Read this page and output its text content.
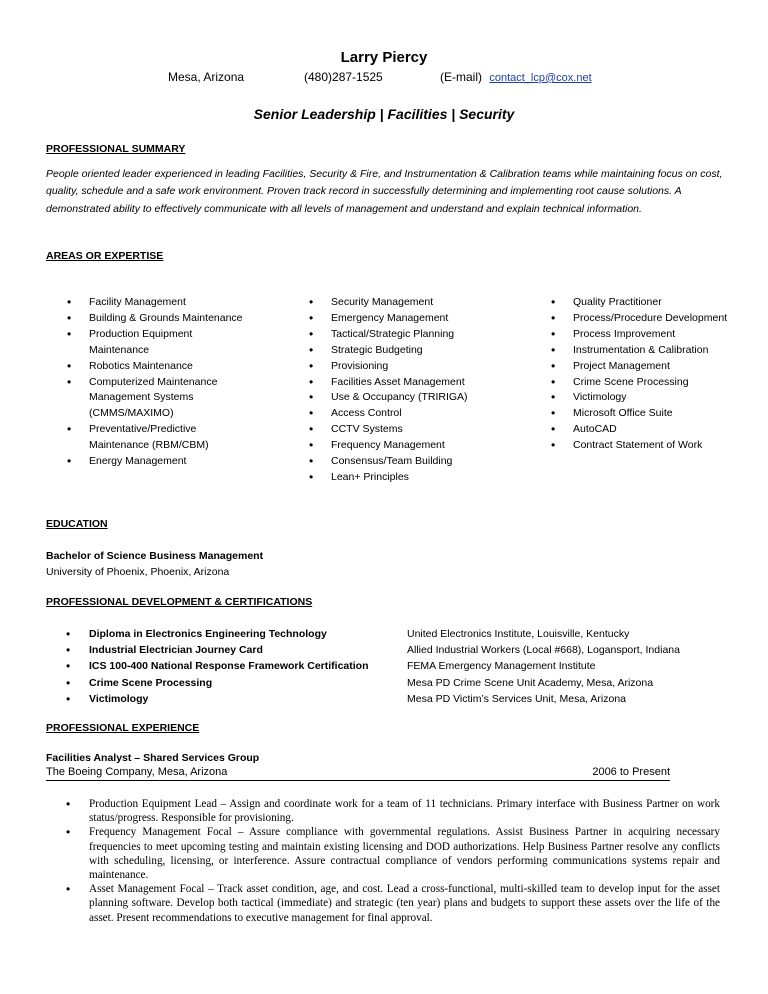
Larry Piercy
Mesa, Arizona	(480)287-1525	(E-mail) contact_lcp@cox.net
Senior Leadership | Facilities | Security
PROFESSIONAL SUMMARY
People oriented leader experienced in leading Facilities, Security & Fire, and Instrumentation & Calibration teams while maintaining focus on cost, quality, schedule and a safe work environment. Proven track record in successfully determining and implementing root cause solutions. A demonstrated ability to effectively communicate with all levels of management and understand and explain technical information.
AREAS OR EXPERTISE
• Facility Management
• Building & Grounds Maintenance
• Production Equipment Maintenance
• Robotics Maintenance
• Computerized Maintenance Management Systems (CMMS/MAXIMO)
• Preventative/Predictive Maintenance (RBM/CBM)
• Energy Management
• Security Management
• Emergency Management
• Tactical/Strategic Planning
• Strategic Budgeting
• Provisioning
• Facilities Asset Management
• Use & Occupancy (TRIRIGA)
• Access Control
• CCTV Systems
• Frequency Management
• Consensus/Team Building
• Lean+ Principles
• Quality Practitioner
• Process/Procedure Development
• Process Improvement
• Instrumentation & Calibration
• Project Management
• Crime Scene Processing
• Victimology
• Microsoft Office Suite
• AutoCAD
• Contract Statement of Work
EDUCATION
Bachelor of Science Business Management
University of Phoenix, Phoenix, Arizona
PROFESSIONAL DEVELOPMENT & CERTIFICATIONS
• Diploma in Electronics Engineering Technology	United Electronics Institute, Louisville, Kentucky
• Industrial Electrician Journey Card	Allied Industrial Workers (Local #668), Logansport, Indiana
• ICS 100-400 National Response Framework Certification	FEMA Emergency Management Institute
• Crime Scene Processing	Mesa PD Crime Scene Unit Academy, Mesa, Arizona
• Victimology	Mesa PD Victim’s Services Unit, Mesa, Arizona
PROFESSIONAL EXPERIENCE
Facilities Analyst – Shared Services Group
The Boeing Company, Mesa, Arizona	2006 to Present
• Production Equipment Lead – Assign and coordinate work for a team of 11 technicians. Primary interface with Business Partner on work status/progress. Responsible for provisioning.
• Frequency Management Focal – Assure compliance with governmental regulations. Assist Business Partner in acquiring necessary frequencies to meet upcoming testing and maintain existing licensing and DOD authorizations. Help Business Partner resolve any conflicts with scheduling, licensing, or interference. Assure contractual compliance of vendors performing communications systems repair and maintenance.
• Asset Management Focal – Track asset condition, age, and cost. Lead a cross-functional, multi-skilled team to develop input for the asset planning software. Develop both tactical (immediate) and strategic (ten year) plans and budgets to support these assets over the life of the asset. Present recommendations to executive management for final approval.
